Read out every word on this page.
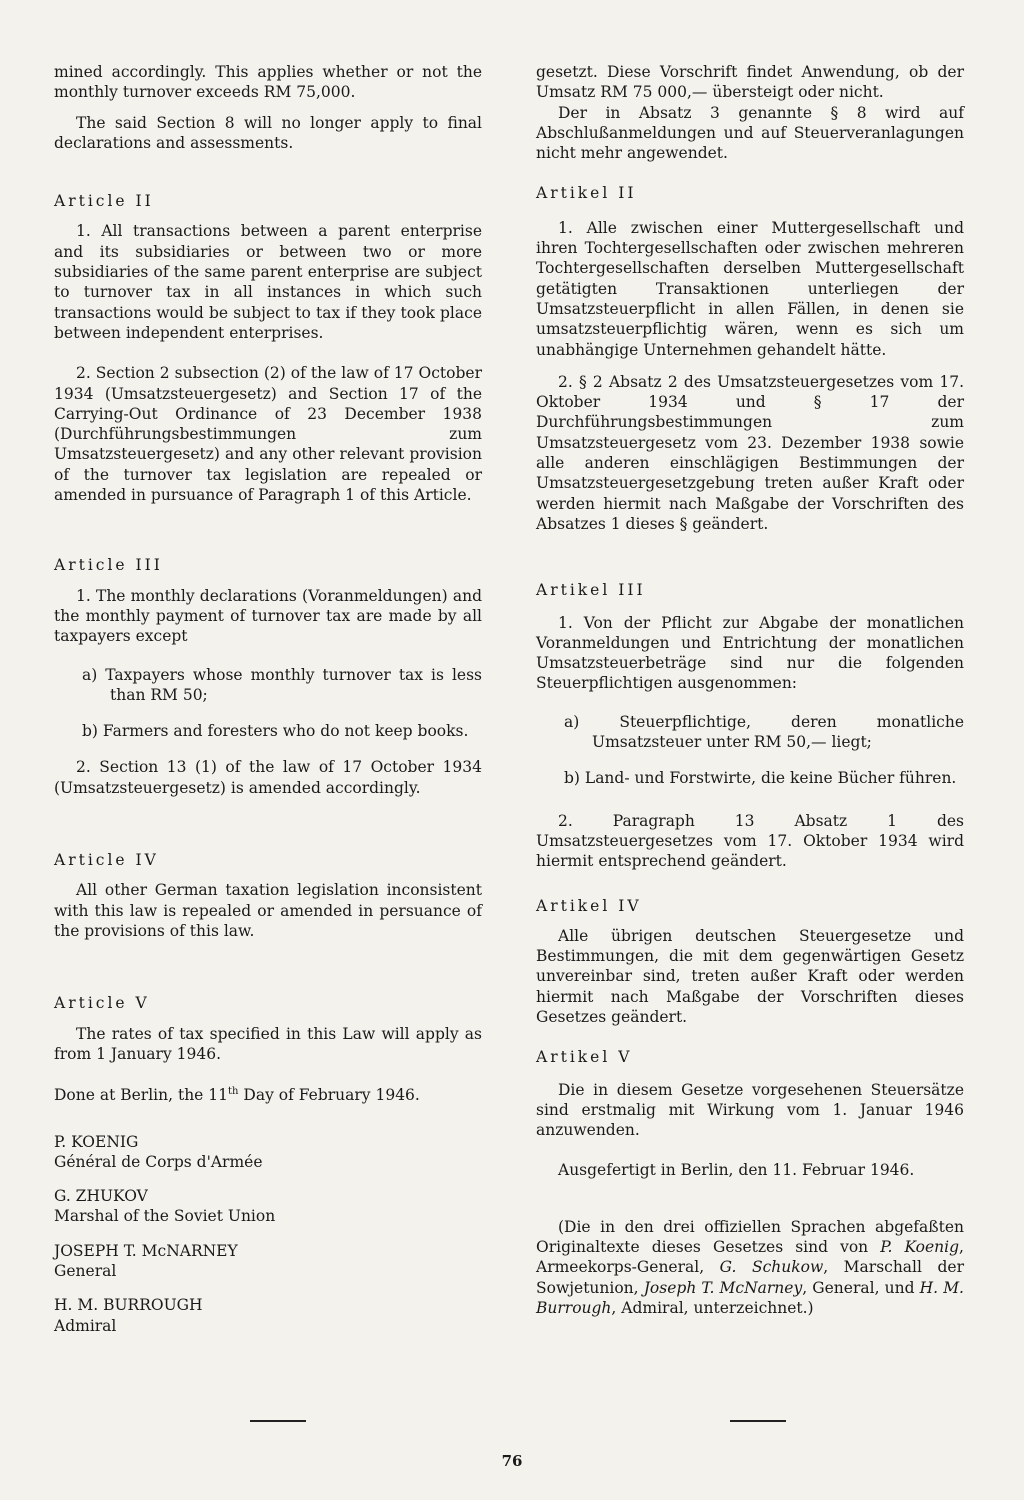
mined accordingly. This applies whether or not the monthly turnover exceeds RM 75,000.

The said Section 8 will no longer apply to final declarations and assessments.

Article II

1. All transactions between a parent enterprise and its subsidiaries or between two or more subsidiaries of the same parent enterprise are subject to turnover tax in all instances in which such transactions would be subject to tax if they took place between independent enterprises.

2. Section 2 subsection (2) of the law of 17 October 1934 (Umsatzsteuergesetz) and Section 17 of the Carrying-Out Ordinance of 23 December 1938 (Durchführungsbestimmungen zum Umsatzsteuergesetz) and any other relevant provision of the turnover tax legislation are repealed or amended in pursuance of Paragraph 1 of this Article.

Article III

1. The monthly declarations (Voranmeldungen) and the monthly payment of turnover tax are made by all taxpayers except

a) Taxpayers whose monthly turnover tax is less than RM 50;

b) Farmers and foresters who do not keep books.

2. Section 13 (1) of the law of 17 October 1934 (Umsatzsteuergesetz) is amended accordingly.

Article IV

All other German taxation legislation inconsistent with this law is repealed or amended in persuance of the provisions of this law.

Article V

The rates of tax specified in this Law will apply as from 1 January 1946.

Done at Berlin, the 11th Day of February 1946.

P. KOENIG

Général de Corps d'Armée

G. ZHUKOV

Marshal of the Soviet Union

JOSEPH T. McNARNEY

General

H. M. BURROUGH

Admiral

gesetzt. Diese Vorschrift findet Anwendung, ob der Umsatz RM 75 000,— übersteigt oder nicht.

Der in Absatz 3 genannte § 8 wird auf Abschlußanmeldungen und auf Steuerveranlagungen nicht mehr angewendet.

Artikel II

1. Alle zwischen einer Muttergesellschaft und ihren Tochtergesellschaften oder zwischen mehreren Tochtergesellschaften derselben Muttergesellschaft getätigten Transaktionen unterliegen der Umsatzsteuerpflicht in allen Fällen, in denen sie umsatzsteuerpflichtig wären, wenn es sich um unabhängige Unternehmen gehandelt hätte.

2. § 2 Absatz 2 des Umsatzsteuergesetzes vom 17. Oktober 1934 und § 17 der Durchführungsbestimmungen zum Umsatzsteuergesetz vom 23. Dezember 1938 sowie alle anderen einschlägigen Bestimmungen der Umsatzsteuergesetzgebung treten außer Kraft oder werden hiermit nach Maßgabe der Vorschriften des Absatzes 1 dieses § geändert.

Artikel III

1. Von der Pflicht zur Abgabe der monatlichen Voranmeldungen und Entrichtung der monatlichen Umsatzsteuerbeträge sind nur die folgenden Steuerpflichtigen ausgenommen:

a) Steuerpflichtige, deren monatliche Umsatzsteuer unter RM 50,— liegt;

b) Land- und Forstwirte, die keine Bücher führen.

2. Paragraph 13 Absatz 1 des Umsatzsteuergesetzes vom 17. Oktober 1934 wird hiermit entsprechend geändert.

Artikel IV

Alle übrigen deutschen Steuergesetze und Bestimmungen, die mit dem gegenwärtigen Gesetz unvereinbar sind, treten außer Kraft oder werden hiermit nach Maßgabe der Vorschriften dieses Gesetzes geändert.

Artikel V

Die in diesem Gesetze vorgesehenen Steuersätze sind erstmalig mit Wirkung vom 1. Januar 1946 anzuwenden.

Ausgefertigt in Berlin, den 11. Februar 1946.

(Die in den drei offiziellen Sprachen abgefaßten Originaltexte dieses Gesetzes sind von P. Koenig, Armeekorps-General, G. Schukow, Marschall der Sowjetunion, Joseph T. McNarney, General, und H. M. Burrough, Admiral, unterzeichnet.)

76
